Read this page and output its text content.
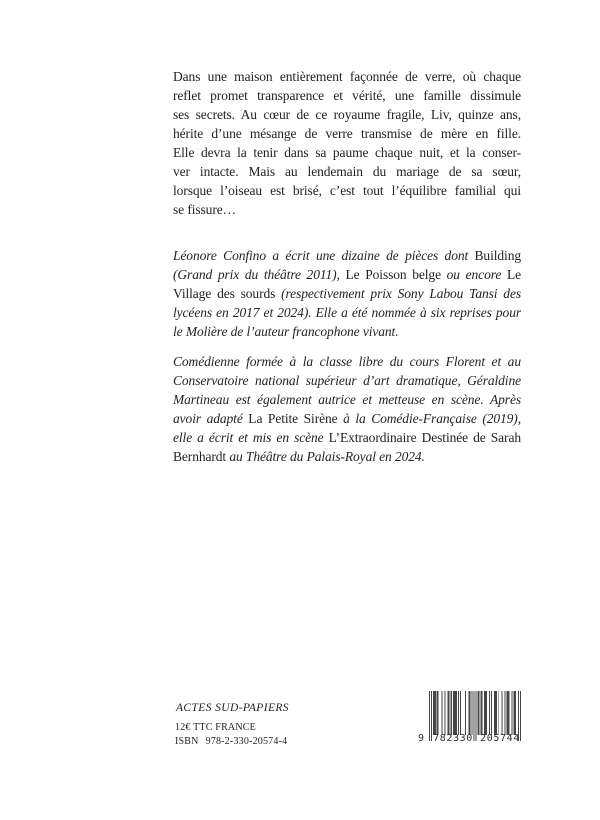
Dans une maison entièrement façonnée de verre, où chaque
reflet promet transparence et vérité, une famille dissimule
ses secrets. Au cœur de ce royaume fragile, Liv, quinze ans,
hérite d’une mésange de verre transmise de mère en fille.
Elle devra la tenir dans sa paume chaque nuit, et la conser-
ver intacte. Mais au lendemain du mariage de sa sœur,
lorsque l’oiseau est brisé, c’est tout l’équilibre familial qui
se fissure…
Léonore Confino a écrit une dizaine de pièces dont Building
(Grand prix du théâtre 2011), Le Poisson belge ou encore Le
Village des sourds (respectivement prix Sony Labou Tansi des
lycéens en 2017 et 2024). Elle a été nommée à six reprises pour
le Molière de l’auteur francophone vivant.
Comédienne formée à la classe libre du cours Florent et au
Conservatoire national supérieur d’art dramatique, Géraldine
Martineau est également autrice et metteuse en scène. Après
avoir adapté La Petite Sirène à la Comédie-Française (2019),
elle a écrit et mis en scène L’Extraordinaire Destinée de Sarah
Bernhardt au Théâtre du Palais-Royal en 2024.
ACTES SUD-PAPIERS
12€ TTC FRANCE
ISBN 978-2-330-20574-4	9 782330 205744
